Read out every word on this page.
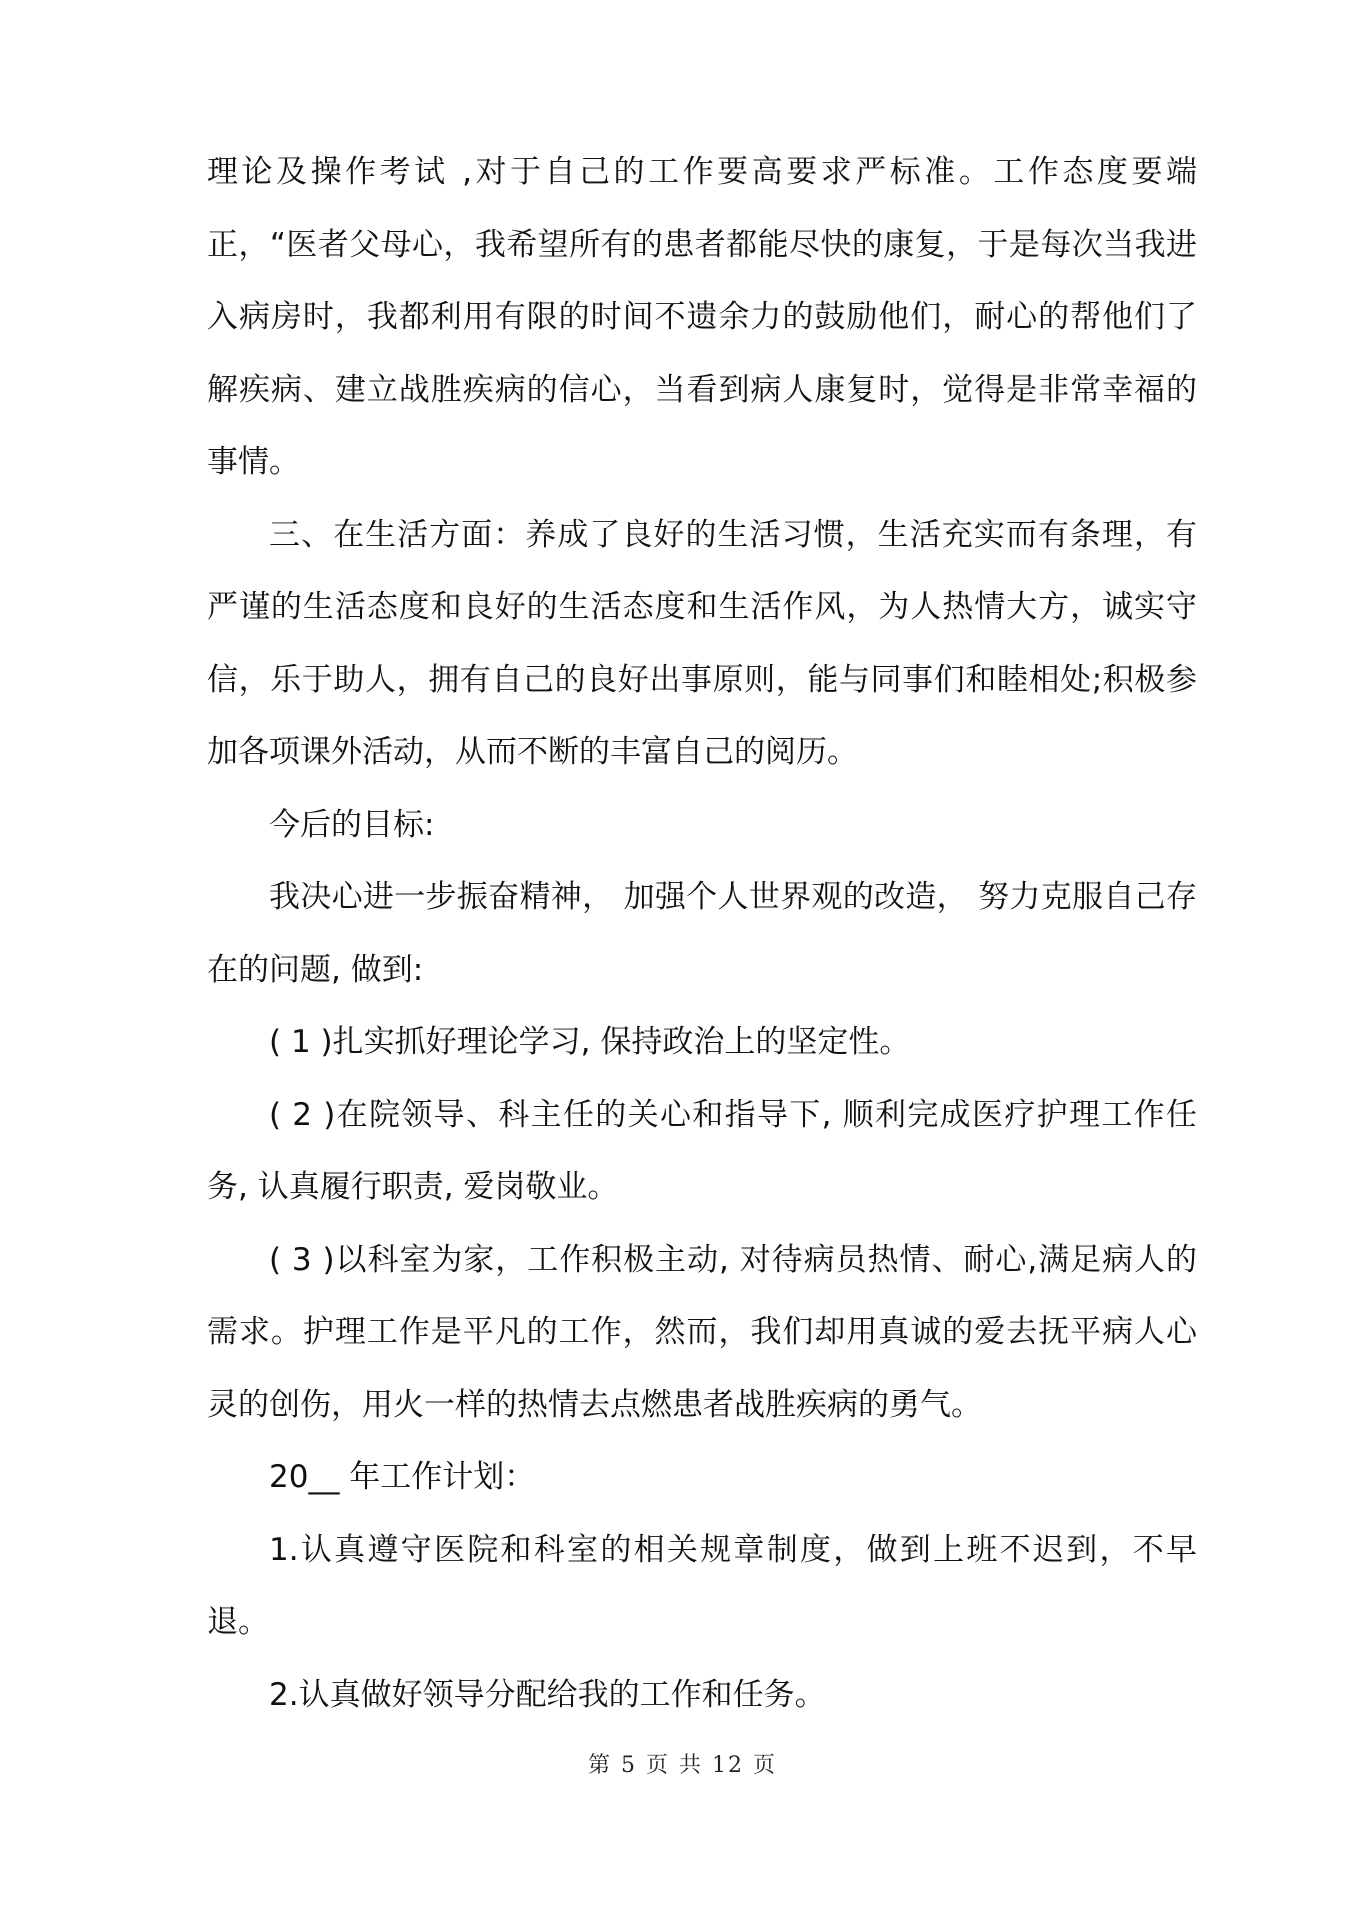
理论及操作考试 ,对于自己的工作要高要求严标准。工作态度要端正，“医者父母心，我希望所有的患者都能尽快的康复，于是每次当我进入病房时，我都利用有限的时间不遗余力的鼓励他们，耐心的帮他们了解疾病、建立战胜疾病的信心，当看到病人康复时，觉得是非常幸福的事情。

三、在生活方面：养成了良好的生活习惯，生活充实而有条理，有严谨的生活态度和良好的生活态度和生活作风，为人热情大方，诚实守信，乐于助人，拥有自己的良好出事原则，能与同事们和睦相处;积极参加各项课外活动，从而不断的丰富自己的阅历。

今后的目标:

我决心进一步振奋精神， 加强个人世界观的改造， 努力克服自己存在的问题, 做到:

( 1 )扎实抓好理论学习, 保持政治上的坚定性。

( 2 )在院领导、科主任的关心和指导下, 顺利完成医疗护理工作任务, 认真履行职责, 爱岗敬业。

( 3 )以科室为家，工作积极主动, 对待病员热情、耐心,满足病人的需求。护理工作是平凡的工作，然而，我们却用真诚的爱去抚平病人心灵的创伤，用火一样的热情去点燃患者战胜疾病的勇气。

20__ 年工作计划：

1.认真遵守医院和科室的相关规章制度，做到上班不迟到，不早退。

2.认真做好领导分配给我的工作和任务。

第 5 页 共 12 页
